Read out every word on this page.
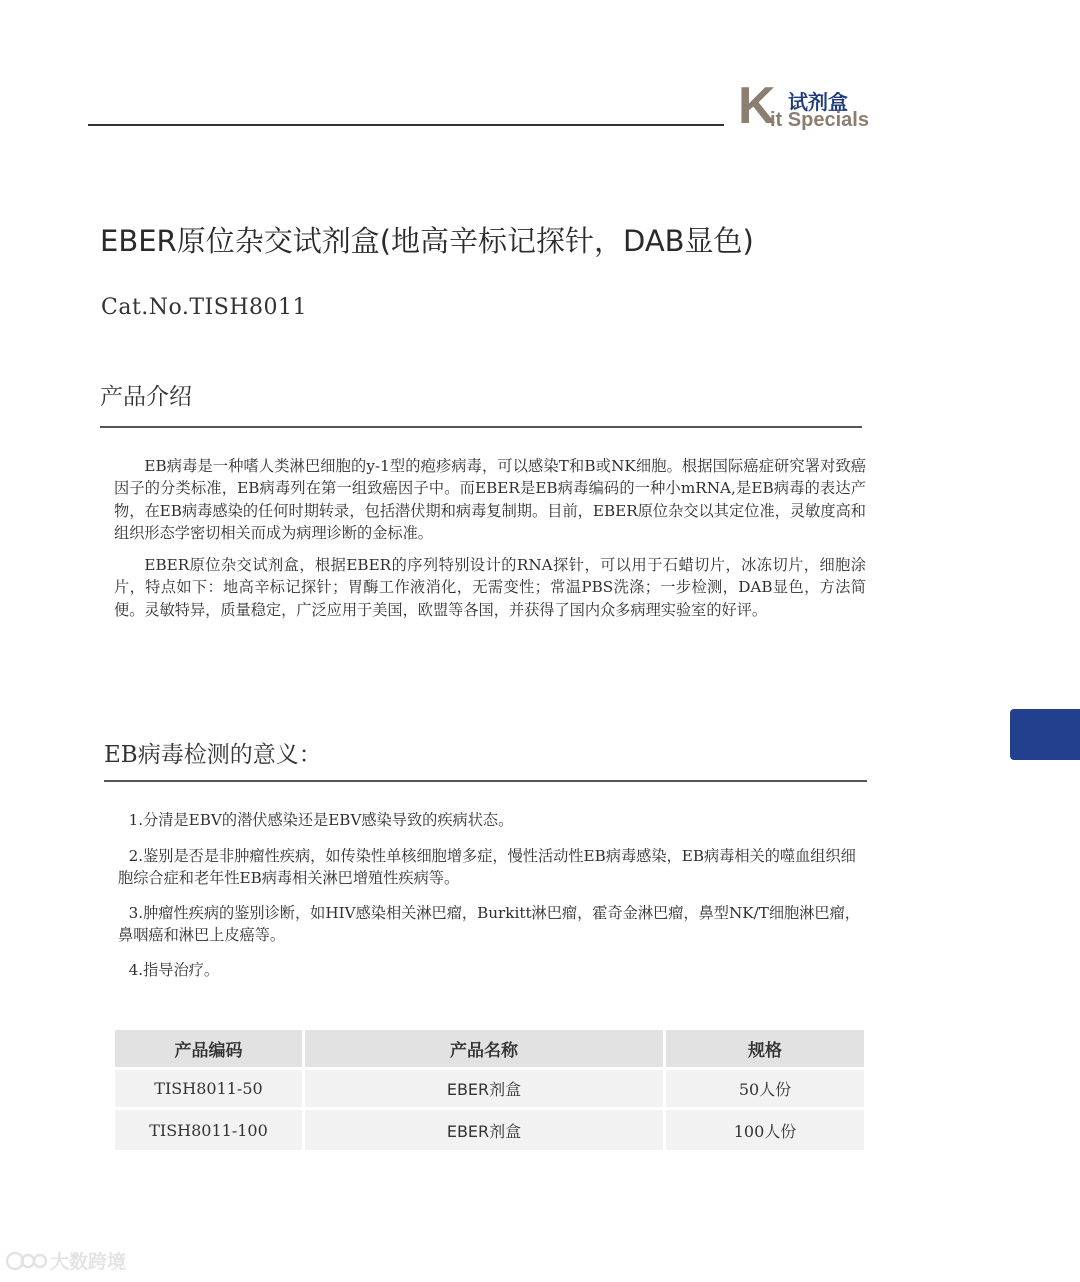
K 试剂盒
it Specials
EBER原位杂交试剂盒(地高辛标记探针，DAB显色)
Cat.No.TISH8011
产品介绍

EB病毒是一种嗜人类淋巴细胞的y-1型的疱疹病毒，可以感染T和B或NK细胞。根据国际癌症研究署对致癌因子的分类标准，EB病毒列在第一组致癌因子中。而EBER是EB病毒编码的一种小mRNA,是EB病毒的表达产物，在EB病毒感染的任何时期转录，包括潜伏期和病毒复制期。目前，EBER原位杂交以其定位准，灵敏度高和组织形态学密切相关而成为病理诊断的金标准。

EBER原位杂交试剂盒，根据EBER的序列特别设计的RNA探针，可以用于石蜡切片，冰冻切片，细胞涂片，特点如下：地高辛标记探针；胃酶工作液消化，无需变性；常温PBS洗涤；一步检测，DAB显色，方法简便。灵敏特异，质量稳定，广泛应用于美国，欧盟等各国，并获得了国内众多病理实验室的好评。

EB病毒检测的意义：
1.分清是EBV的潜伏感染还是EBV感染导致的疾病状态。
2.鉴别是否是非肿瘤性疾病，如传染性单核细胞增多症，慢性活动性EB病毒感染，EB病毒相关的噬血组织细胞综合症和老年性EB病毒相关淋巴增殖性疾病等。
3.肿瘤性疾病的鉴别诊断，如HIV感染相关淋巴瘤，Burkitt淋巴瘤，霍奇金淋巴瘤，鼻型NK/T细胞淋巴瘤，鼻咽癌和淋巴上皮癌等。
4.指导治疗。
产品编码	产品名称	规格
TISH8011-50	EBER剂盒	50人份
TISH8011-100	EBER剂盒	100人份
大数跨境
